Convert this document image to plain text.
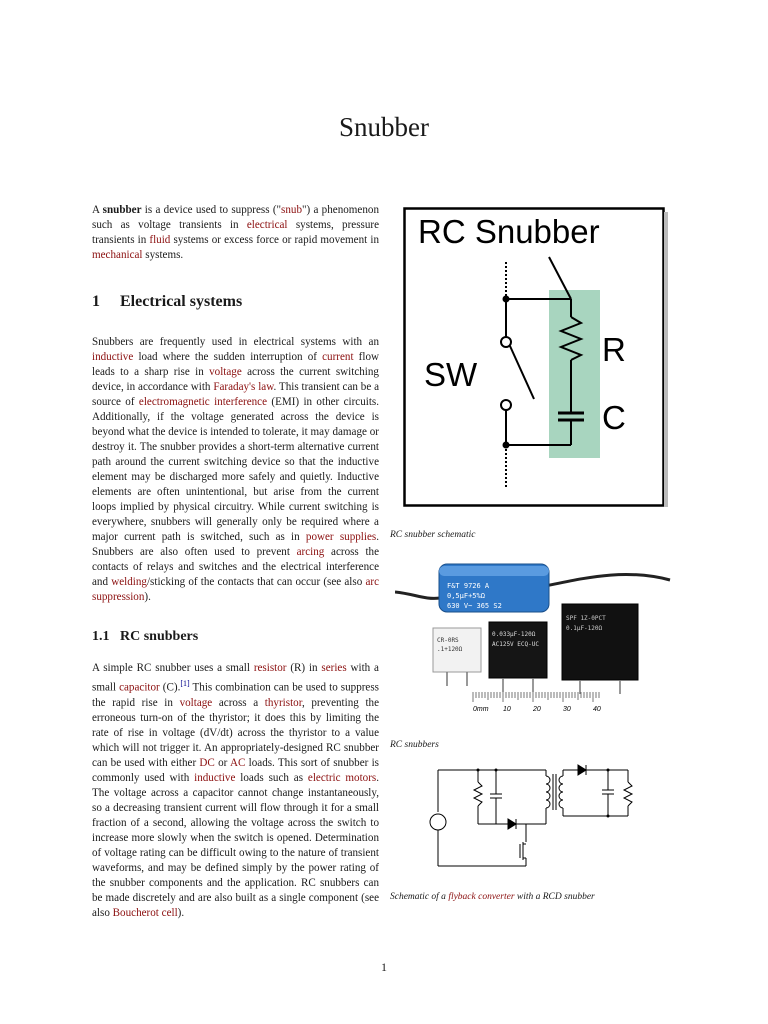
Snubber

A snubber is a device used to suppress ("snub") a phenomenon such as voltage transients in electrical systems, pressure transients in fluid systems or excess force or rapid movement in mechanical systems.

1 Electrical systems

Snubbers are frequently used in electrical systems with an inductive load where the sudden interruption of current flow leads to a sharp rise in voltage across the current switching device, in accordance with Faraday's law. This transient can be a source of electromagnetic interference (EMI) in other circuits. Additionally, if the voltage generated across the device is beyond what the device is intended to tolerate, it may damage or destroy it. The snubber provides a short-term alternative current path around the current switching device so that the inductive element may be discharged more safely and quietly. Inductive elements are often unintentional, but arise from the current loops implied by physical circuitry. While current switching is everywhere, snubbers will generally only be required where a major current path is switched, such as in power supplies. Snubbers are also often used to prevent arcing across the contacts of relays and switches and the electrical interference and welding/sticking of the contacts that can occur (see also arc suppression).

1.1 RC snubbers

A simple RC snubber uses a small resistor (R) in series with a small capacitor (C).[1] This combination can be used to suppress the rapid rise in voltage across a thyristor, preventing the erroneous turn-on of the thyristor; it does this by limiting the rate of rise in voltage (dV/dt) across the thyristor to a value which will not trigger it. An appropriately-designed RC snubber can be used with either DC or AC loads. This sort of snubber is commonly used with inductive loads such as electric motors. The voltage across a capacitor cannot change instantaneously, so a decreasing transient current will flow through it for a small fraction of a second, allowing the voltage across the switch to increase more slowly when the switch is opened. Determination of voltage rating can be difficult owing to the nature of transient waveforms, and may be defined simply by the power rating of the snubber components and the application. RC snubbers can be made discretely and are also built as a single component (see also Boucherot cell).

RC Snubber
SW
R
C
RC snubber schematic
F&T 9726 A
0,5μF+5%Ω
630 V~ 365 S2
CR-0RS
.1+120Ω
0.033μF-120Ω
AC125V ECQ-UC
SPF 1Z-0PCT
0.1μF-120Ω
0mm 10	20	30	40
RC snubbers
Schematic of a flyback converter with a RCD snubber
1
